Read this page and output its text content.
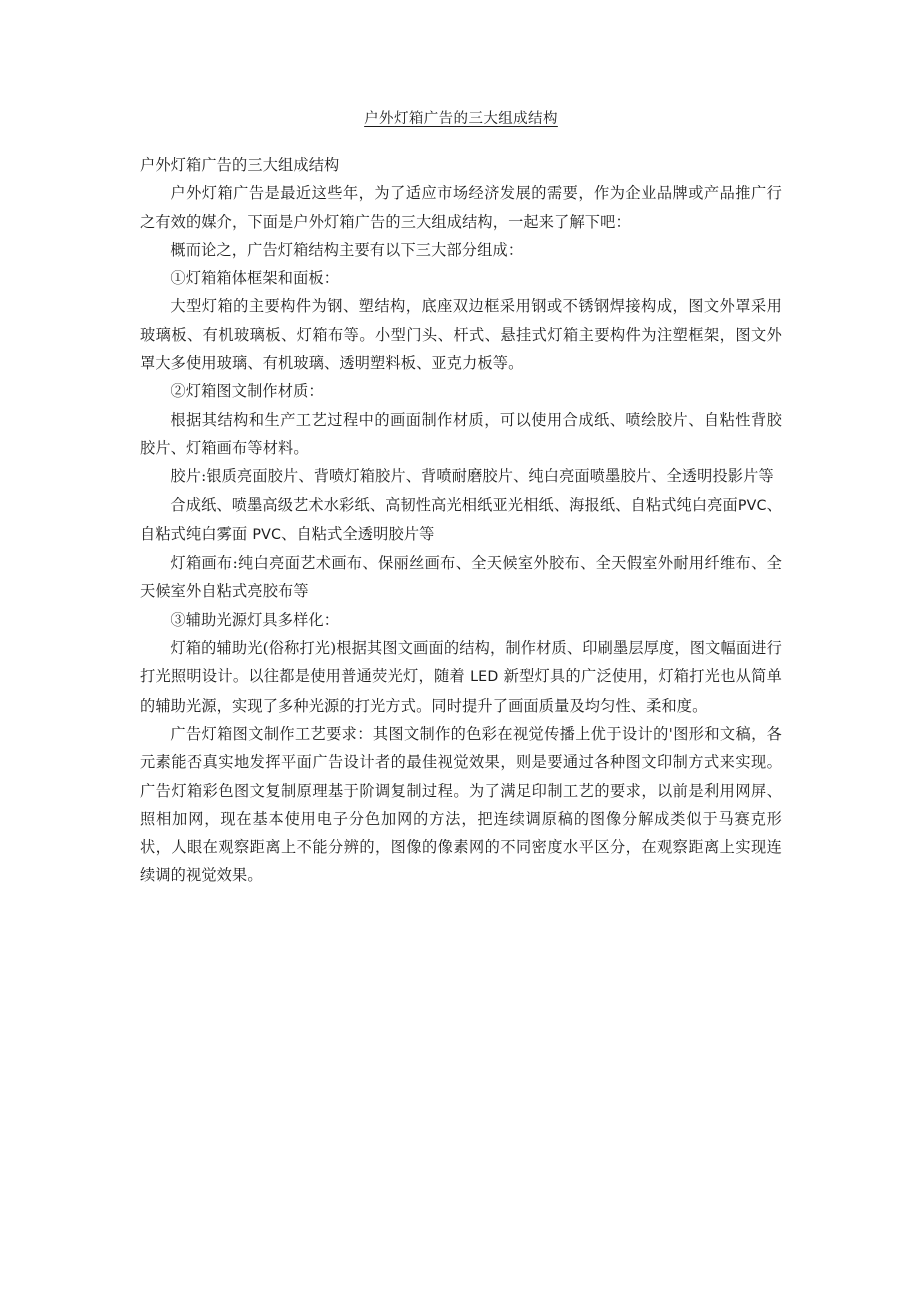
户外灯箱广告的三大组成结构

户外灯箱广告的三大组成结构

户外灯箱广告是最近这些年，为了适应市场经济发展的需要，作为企业品牌或产品推广行之有效的媒介，下面是户外灯箱广告的三大组成结构，一起来了解下吧：

概而论之，广告灯箱结构主要有以下三大部分组成：

①灯箱箱体框架和面板：

大型灯箱的主要构件为钢、塑结构，底座双边框采用钢或不锈钢焊接构成，图文外罩采用玻璃板、有机玻璃板、灯箱布等。小型门头、杆式、悬挂式灯箱主要构件为注塑框架，图文外罩大多使用玻璃、有机玻璃、透明塑料板、亚克力板等。

②灯箱图文制作材质：

根据其结构和生产工艺过程中的画面制作材质，可以使用合成纸、喷绘胶片、自粘性背胶胶片、灯箱画布等材料。

胶片:银质亮面胶片、背喷灯箱胶片、背喷耐磨胶片、纯白亮面喷墨胶片、全透明投影片等

合成纸、喷墨高级艺术水彩纸、高韧性高光相纸亚光相纸、海报纸、自粘式纯白亮面PVC、自粘式纯白雾面 PVC、自粘式全透明胶片等

灯箱画布:纯白亮面艺术画布、保丽丝画布、全天候室外胶布、全天假室外耐用纤维布、全天候室外自粘式亮胶布等

③辅助光源灯具多样化：

灯箱的辅助光(俗称打光)根据其图文画面的结构，制作材质、印刷墨层厚度，图文幅面进行打光照明设计。以往都是使用普通荧光灯，随着 LED 新型灯具的广泛使用，灯箱打光也从简单的辅助光源，实现了多种光源的打光方式。同时提升了画面质量及均匀性、柔和度。

广告灯箱图文制作工艺要求：其图文制作的色彩在视觉传播上优于设计的'图形和文稿，各元素能否真实地发挥平面广告设计者的最佳视觉效果，则是要通过各种图文印制方式来实现。广告灯箱彩色图文复制原理基于阶调复制过程。为了满足印制工艺的要求，以前是利用网屏、照相加网，现在基本使用电子分色加网的方法，把连续调原稿的图像分解成类似于马赛克形状，人眼在观察距离上不能分辨的，图像的像素网的不同密度水平区分，在观察距离上实现连续调的视觉效果。
